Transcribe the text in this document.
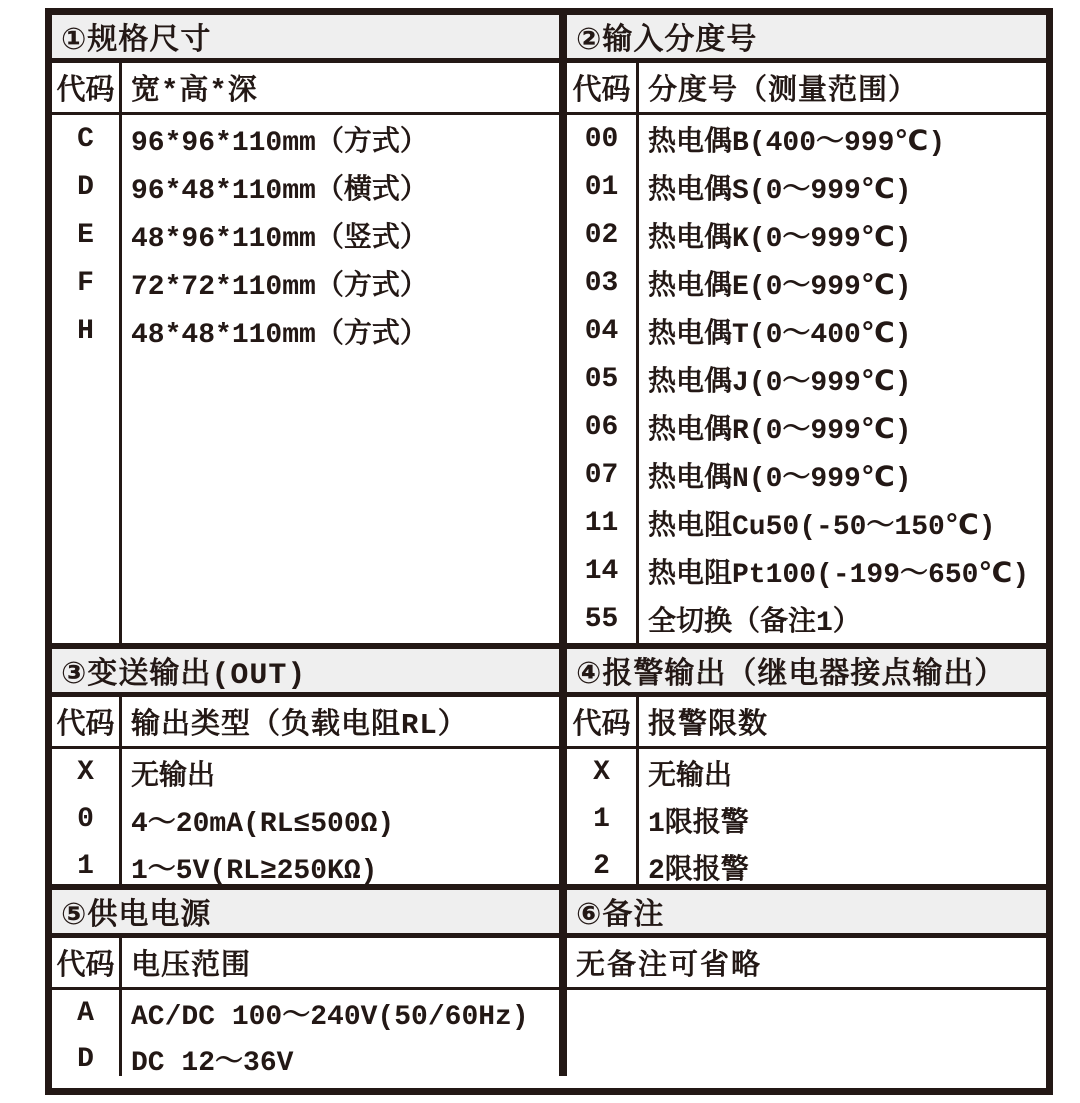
①规格尺寸
代码 宽*高*深
C
D
E
F
H
96*96*110mm（方式）
96*48*110mm（横式）
48*96*110mm（竖式）
72*72*110mm（方式）
48*48*110mm（方式）
②输入分度号
代码 分度号（测量范围）
00
01
02
03
04
05
06
07
11
14
55
热电偶B(400～999℃)
热电偶S(0～999℃)
热电偶K(0～999℃)
热电偶E(0～999℃)
热电偶T(0～400℃)
热电偶J(0～999℃)
热电偶R(0～999℃)
热电偶N(0～999℃)
热电阻Cu50(-50～150℃)
热电阻Pt100(-199～650℃)
全切换（备注1）
③变送输出(OUT)
代码 输出类型（负载电阻RL）
X
0
1
无输出
4～20mA(RL≤500Ω)
1～5V(RL≥250KΩ)
④报警输出（继电器接点输出）
代码 报警限数
X
1
2
无输出
1限报警
2限报警
⑤供电电源
代码 电压范围
A
D
AC/DC 100～240V(50/60Hz)
DC 12～36V
⑥备注
无备注可省略
